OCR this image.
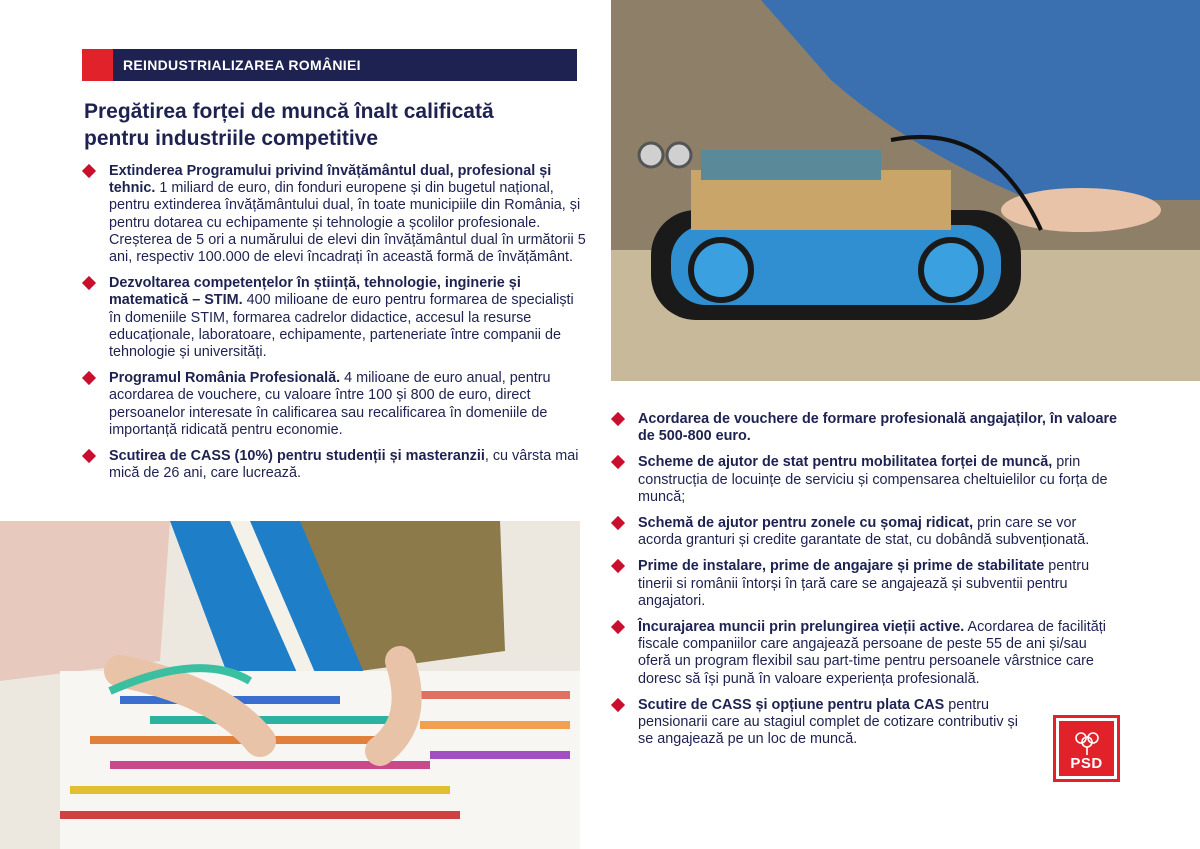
REINDUSTRIALIZAREA ROMÂNIEI
Pregătirea forței de muncă înalt calificată pentru industriile competitive
Extinderea Programului privind învățământul dual, profesional și tehnic. 1 miliard de euro, din fonduri europene și din bugetul național, pentru extinderea învățământului dual, în toate municipiile din România, și pentru dotarea cu echipamente și tehnologie a școlilor profesionale. Creșterea de 5 ori a numărului de elevi din învățământul dual în următorii 5 ani, respectiv 100.000 de elevi încadrați în această formă de învățământ.
Dezvoltarea competențelor în știință, tehnologie, inginerie și matematică – STIM. 400 milioane de euro pentru formarea de specialiști în domeniile STIM, formarea cadrelor didactice, accesul la resurse educaționale, laboratoare, echipamente, parteneriate între companii de tehnologie și universități.
Programul România Profesională. 4 milioane de euro anual, pentru acordarea de vouchere, cu valoare între 100 și 800 de euro, direct persoanelor interesate în calificarea sau recalificarea în domeniile de importanță ridicată pentru economie.
Scutirea de CASS (10%) pentru studenții și masteranzii, cu vârsta mai mică de 26 ani, care lucrează.
Acordarea de vouchere de formare profesională angajaților, în valoare de 500-800 euro.
Scheme de ajutor de stat pentru mobilitatea forței de muncă, prin construcția de locuințe de serviciu și compensarea cheltuielilor cu forța de muncă;
Schemă de ajutor pentru zonele cu șomaj ridicat, prin care se vor acorda granturi și credite garantate de stat, cu dobândă subvenționată.
Prime de instalare, prime de angajare și prime de stabilitate pentru tinerii si românii întorși în țară care se angajează și subventii pentru angajatori.
Încurajarea muncii prin prelungirea vieții active. Acordarea de facilități fiscale companiilor care angajează persoane de peste 55 de ani și/sau oferă un program flexibil sau part-time pentru persoanele vârstnice care doresc să își pună în valoare experiența profesională.
Scutire de CASS și opțiune pentru plata CAS pentru pensionarii care au stagiul complet de cotizare contributiv și se angajează pe un loc de muncă.
PSD
